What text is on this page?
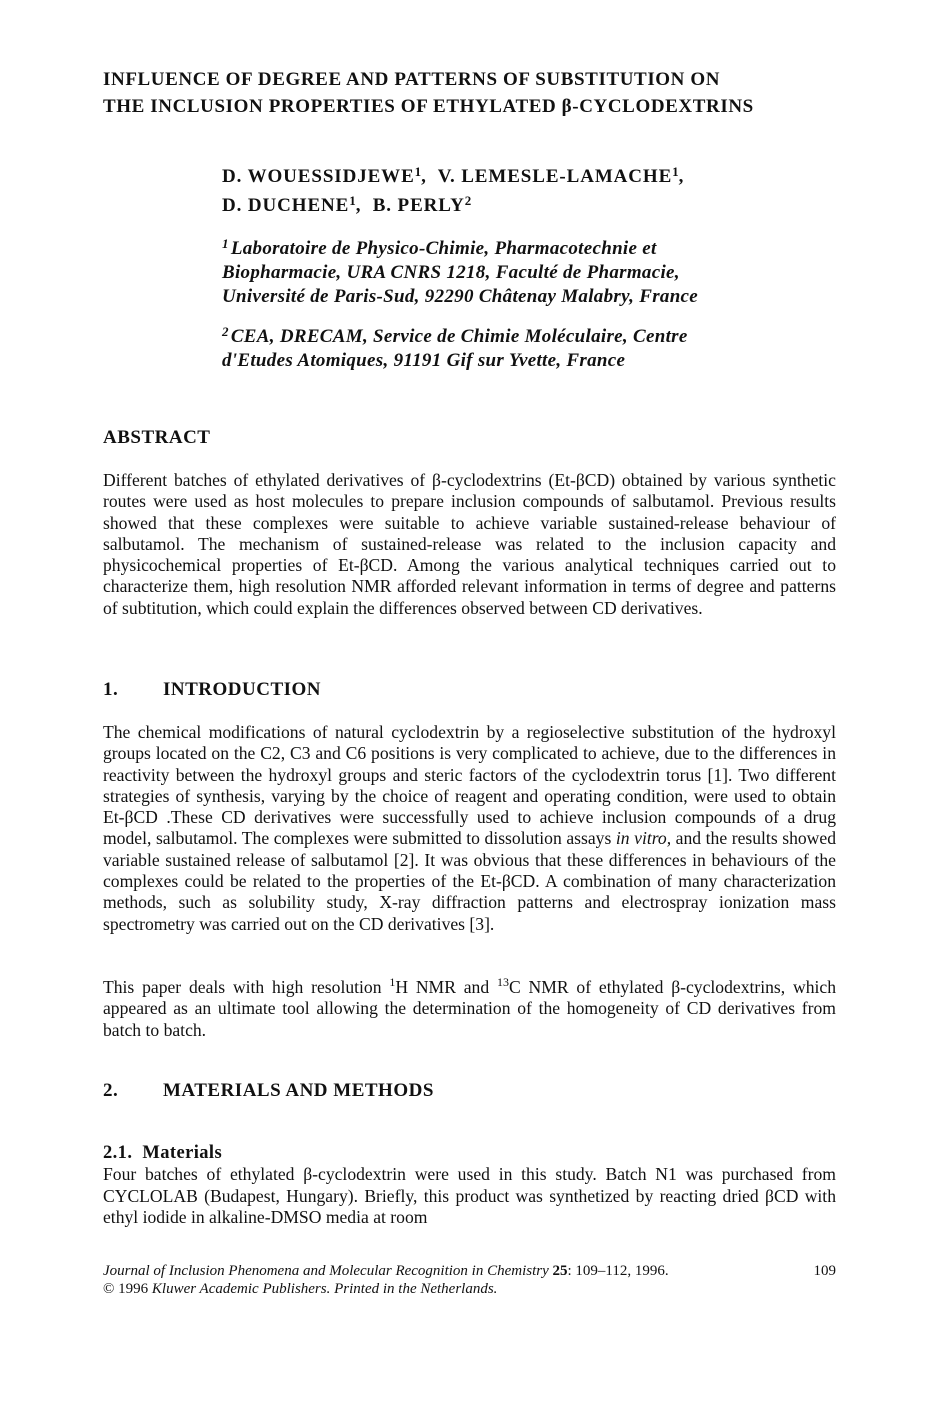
INFLUENCE OF DEGREE AND PATTERNS OF SUBSTITUTION ON
THE INCLUSION PROPERTIES OF ETHYLATED β-CYCLODEXTRINS
D. WOUESSIDJEWE$^1$,  V. LEMESLE-LAMACHE$^1$,
D. DUCHENE$^1$,  B. PERLY$^2$
$^1$ Laboratoire de Physico-Chimie, Pharmacotechnie et
Biopharmacie, URA CNRS 1218, Faculté de Pharmacie,
Université de Paris-Sud, 92290 Châtenay Malabry, France
$^2$ CEA, DRECAM, Service de Chimie Moléculaire, Centre
d'Etudes Atomiques, 91191 Gif sur Yvette, France
ABSTRACT
Different batches of ethylated derivatives of β-cyclodextrins (Et-βCD) obtained by various synthetic routes were used as host molecules to prepare inclusion compounds of salbutamol. Previous results showed that these complexes were suitable to achieve variable sustained-release behaviour of salbutamol. The mechanism of sustained-release was related to the inclusion capacity and physicochemical properties of Et-βCD. Among the various analytical techniques carried out to characterize them, high resolution NMR afforded relevant information in terms of degree and patterns of subtitution, which could explain the differences observed between CD derivatives.
1. INTRODUCTION
The chemical modifications of natural cyclodextrin by a regioselective substitution of the hydroxyl groups located on the C2, C3 and C6 positions is very complicated to achieve, due to the differences in reactivity between the hydroxyl groups and steric factors of the cyclodextrin torus [1]. Two different strategies of synthesis, varying by the choice of reagent and operating condition, were used to obtain Et-βCD .These CD derivatives were successfully used to achieve inclusion compounds of a drug model, salbutamol. The complexes were submitted to dissolution assays in vitro, and the results showed variable sustained release of salbutamol [2]. It was obvious that these differences in behaviours of the complexes could be related to the properties of the Et-βCD. A combination of many characterization methods, such as solubility study, X-ray diffraction patterns and electrospray ionization mass spectrometry was carried out on the CD derivatives [3].
This paper deals with high resolution $^1$H NMR and $^{13}$C NMR of ethylated β-cyclodextrins, which appeared as an ultimate tool allowing the determination of the homogeneity of CD derivatives from batch to batch.
2. MATERIALS AND METHODS
2.1. Materials
Four batches of ethylated β-cyclodextrin were used in this study. Batch N1 was purchased from CYCLOLAB (Budapest, Hungary). Briefly, this product was synthetized by reacting dried βCD with ethyl iodide in alkaline-DMSO media at room
Journal of Inclusion Phenomena and Molecular Recognition in Chemistry 25: 109–112, 1996.	109
© 1996 Kluwer Academic Publishers. Printed in the Netherlands.
